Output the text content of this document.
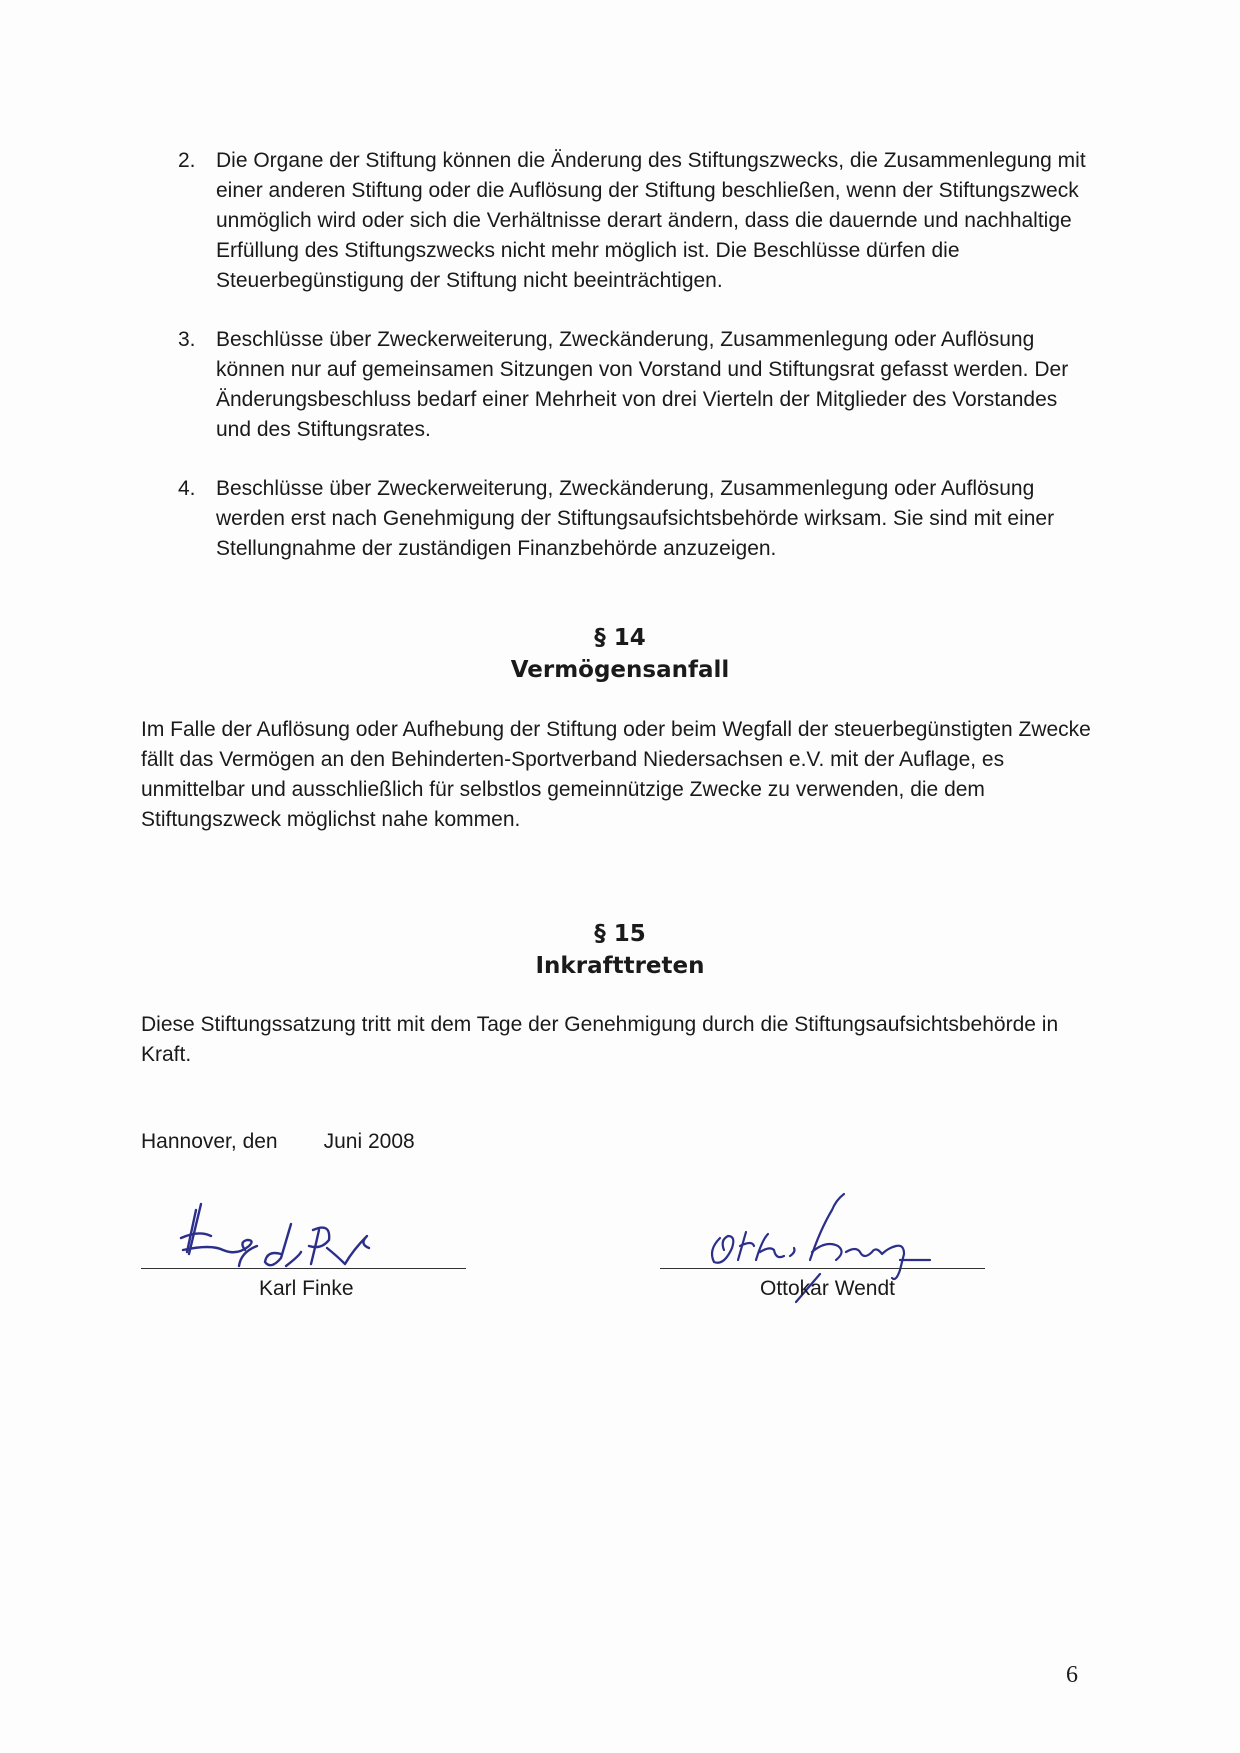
2. Die Organe der Stiftung können die Änderung des Stiftungszwecks, die Zusammenlegung mit einer anderen Stiftung oder die Auflösung der Stiftung beschließen, wenn der Stiftungszweck unmöglich wird oder sich die Verhältnisse derart ändern, dass die dauernde und nachhaltige Erfüllung des Stiftungszwecks nicht mehr möglich ist. Die Beschlüsse dürfen die Steuerbegünstigung der Stiftung nicht beeinträchtigen.
3. Beschlüsse über Zweckerweiterung, Zweckänderung, Zusammenlegung oder Auflösung können nur auf gemeinsamen Sitzungen von Vorstand und Stiftungsrat gefasst werden. Der Änderungsbeschluss bedarf einer Mehrheit von drei Vierteln der Mitglieder des Vorstandes und des Stiftungsrates.
4. Beschlüsse über Zweckerweiterung, Zweckänderung, Zusammenlegung oder Auflösung werden erst nach Genehmigung der Stiftungsaufsichtsbehörde wirksam. Sie sind mit einer Stellungnahme der zuständigen Finanzbehörde anzuzeigen.
§ 14
Vermögensanfall
Im Falle der Auflösung oder Aufhebung der Stiftung oder beim Wegfall der steuerbegünstigten Zwecke fällt das Vermögen an den Behinderten-Sportverband Niedersachsen e.V. mit der Auflage, es unmittelbar und ausschließlich für selbstlos gemeinnützige Zwecke zu verwenden, die dem Stiftungszweck möglichst nahe kommen.
§ 15
Inkrafttreten
Diese Stiftungssatzung tritt mit dem Tage der Genehmigung durch die Stiftungsaufsichtsbehörde in Kraft.
Hannover, den Juni 2008
Karl Finke	Ottokar Wendt
6
